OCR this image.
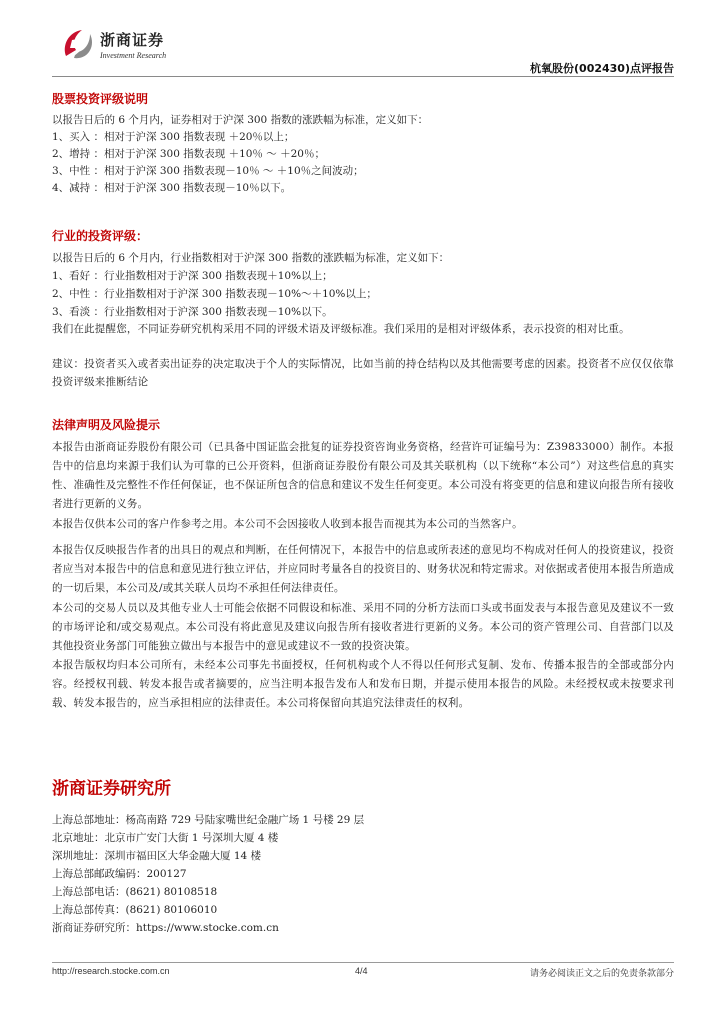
浙商证券
Investment Research
杭氧股份(002430)点评报告
股票投资评级说明
以报告日后的 6 个月内，证券相对于沪深 300 指数的涨跌幅为标准，定义如下：
1、买入 ：相对于沪深 300 指数表现 ＋20％以上；
2、增持 ：相对于沪深 300 指数表现 ＋10％ ～ ＋20％；
3、中性 ：相对于沪深 300 指数表现－10％ ～ ＋10％之间波动；
4、减持 ：相对于沪深 300 指数表现－10％以下。
行业的投资评级：
以报告日后的 6 个月内，行业指数相对于沪深 300 指数的涨跌幅为标准，定义如下：
1、看好 ：行业指数相对于沪深 300 指数表现＋10%以上；
2、中性 ：行业指数相对于沪深 300 指数表现－10%～＋10%以上；
3、看淡 ：行业指数相对于沪深 300 指数表现－10%以下。
我们在此提醒您，不同证券研究机构采用不同的评级术语及评级标准。我们采用的是相对评级体系，表示投资的相对比重。
建议：投资者买入或者卖出证券的决定取决于个人的实际情况，比如当前的持仓结构以及其他需要考虑的因素。投资者不应仅仅依靠投资评级来推断结论
法律声明及风险提示
本报告由浙商证券股份有限公司（已具备中国证监会批复的证券投资咨询业务资格，经营许可证编号为：Z39833000）制作。本报告中的信息均来源于我们认为可靠的已公开资料，但浙商证券股份有限公司及其关联机构（以下统称“本公司”）对这些信息的真实性、准确性及完整性不作任何保证，也不保证所包含的信息和建议不发生任何变更。本公司没有将变更的信息和建议向报告所有接收者进行更新的义务。
本报告仅供本公司的客户作参考之用。本公司不会因接收人收到本报告而视其为本公司的当然客户。
本报告仅反映报告作者的出具日的观点和判断，在任何情况下，本报告中的信息或所表述的意见均不构成对任何人的投资建议，投资者应当对本报告中的信息和意见进行独立评估，并应同时考量各自的投资目的、财务状况和特定需求。对依据或者使用本报告所造成的一切后果，本公司及/或其关联人员均不承担任何法律责任。
本公司的交易人员以及其他专业人士可能会依据不同假设和标准、采用不同的分析方法而口头或书面发表与本报告意见及建议不一致的市场评论和/或交易观点。本公司没有将此意见及建议向报告所有接收者进行更新的义务。本公司的资产管理公司、自营部门以及其他投资业务部门可能独立做出与本报告中的意见或建议不一致的投资决策。
本报告版权均归本公司所有，未经本公司事先书面授权，任何机构或个人不得以任何形式复制、发布、传播本报告的全部或部分内容。经授权刊载、转发本报告或者摘要的，应当注明本报告发布人和发布日期，并提示使用本报告的风险。未经授权或未按要求刊载、转发本报告的，应当承担相应的法律责任。本公司将保留向其追究法律责任的权利。
浙商证券研究所
上海总部地址：杨高南路 729 号陆家嘴世纪金融广场 1 号楼 29 层
北京地址：北京市广安门大街 1 号深圳大厦 4 楼
深圳地址：深圳市福田区大华金融大厦 14 楼
上海总部邮政编码：200127
上海总部电话：(8621) 80108518
上海总部传真：(8621) 80106010
浙商证券研究所：https://www.stocke.com.cn
http://research.stocke.com.cn	4/4	请务必阅读正文之后的免责条款部分
